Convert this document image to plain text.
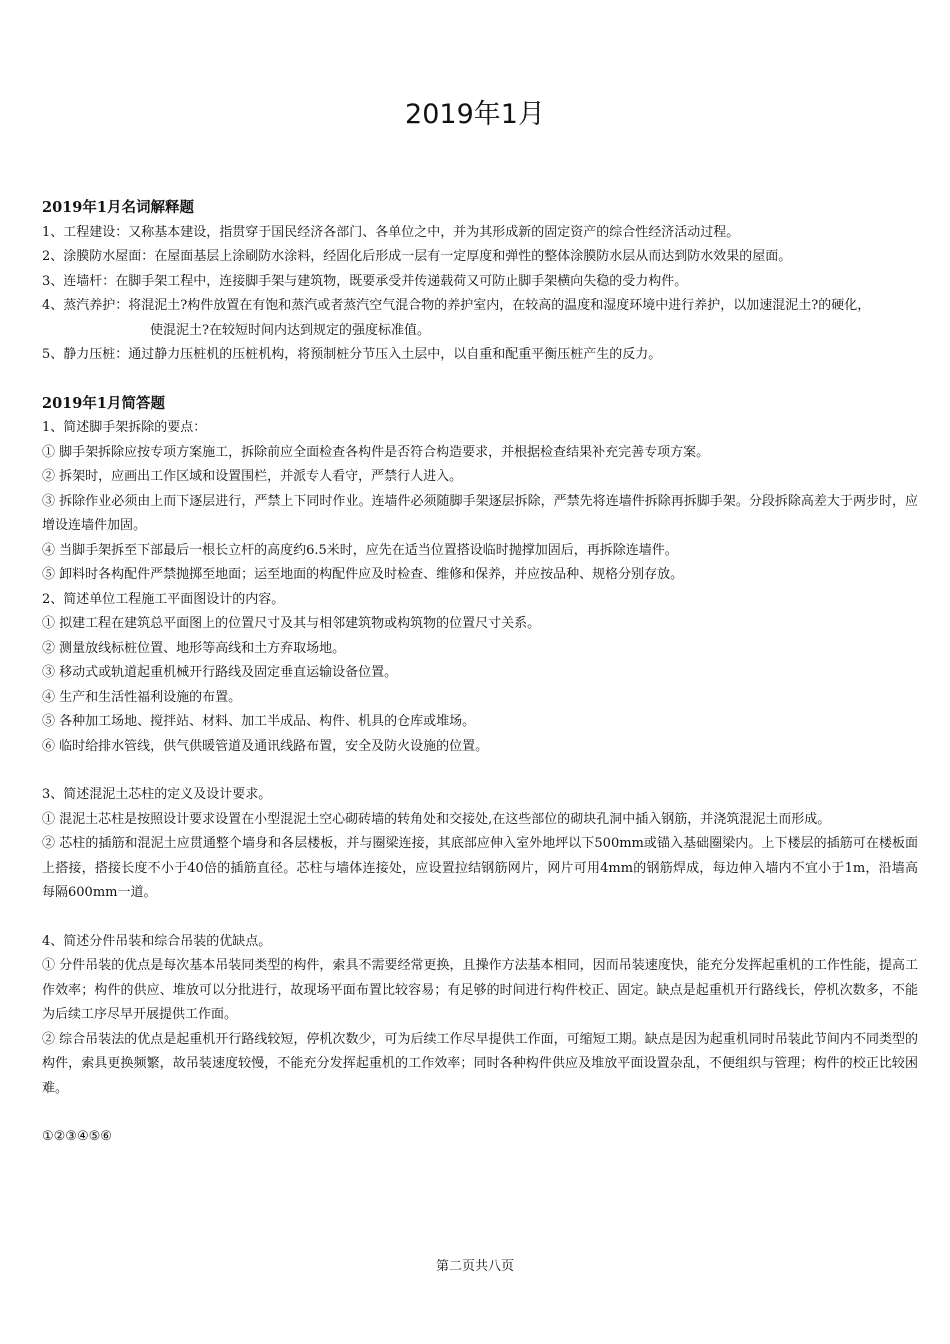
2019年1月

2019年1月名词解释题

1、工程建设：又称基本建设，指贯穿于国民经济各部门、各单位之中，并为其形成新的固定资产的综合性经济活动过程。

2、涂膜防水屋面：在屋面基层上涂刷防水涂料，经固化后形成一层有一定厚度和弹性的整体涂膜防水层从而达到防水效果的屋面。

3、连墙杆：在脚手架工程中，连接脚手架与建筑物，既要承受并传递载荷又可防止脚手架横向失稳的受力构件。

4、蒸汽养护：将混泥土?构件放置在有饱和蒸汽或者蒸汽空气混合物的养护室内，在较高的温度和湿度环境中进行养护，以加速混泥土?的硬化，

使混泥土?在较短时间内达到规定的强度标准值。

5、静力压桩：通过静力压桩机的压桩机构，将预制桩分节压入土层中，以自重和配重平衡压桩产生的反力。

2019年1月简答题

1、简述脚手架拆除的要点：

① 脚手架拆除应按专项方案施工，拆除前应全面检查各构件是否符合构造要求，并根据检查结果补充完善专项方案。

② 拆架时，应画出工作区域和设置围栏，并派专人看守，严禁行人进入。

③ 拆除作业必须由上而下逐层进行，严禁上下同时作业。连墙件必须随脚手架逐层拆除，严禁先将连墙件拆除再拆脚手架。分段拆除高差大于两步时，应增设连墙件加固。

④ 当脚手架拆至下部最后一根长立杆的高度约6.5米时，应先在适当位置搭设临时抛撑加固后，再拆除连墙件。

⑤ 卸料时各构配件严禁抛掷至地面；运至地面的构配件应及时检查、维修和保养，并应按品种、规格分别存放。

2、简述单位工程施工平面图设计的内容。

① 拟建工程在建筑总平面图上的位置尺寸及其与相邻建筑物或构筑物的位置尺寸关系。

② 测量放线标桩位置、地形等高线和土方弃取场地。

③ 移动式或轨道起重机械开行路线及固定垂直运输设备位置。

④ 生产和生活性福利设施的布置。

⑤ 各种加工场地、搅拌站、材料、加工半成品、构件、机具的仓库或堆场。

⑥ 临时给排水管线，供气供暖管道及通讯线路布置，安全及防火设施的位置。

3、简述混泥土芯柱的定义及设计要求。

① 混泥土芯柱是按照设计要求设置在小型混泥土空心砌砖墙的转角处和交接处,在这些部位的砌块孔洞中插入钢筋，并浇筑混泥土而形成。

② 芯柱的插筋和混泥土应贯通整个墙身和各层楼板，并与圈梁连接，其底部应伸入室外地坪以下500mm或锚入基础圈梁内。上下楼层的插筋可在楼板面上搭接，搭接长度不小于40倍的插筋直径。芯柱与墙体连接处，应设置拉结钢筋网片，网片可用4mm的钢筋焊成，每边伸入墙内不宜小于1m，沿墙高每隔600mm一道。

4、简述分件吊装和综合吊装的优缺点。

① 分件吊装的优点是每次基本吊装同类型的构件，索具不需要经常更换，且操作方法基本相同，因而吊装速度快，能充分发挥起重机的工作性能，提高工作效率；构件的供应、堆放可以分批进行，故现场平面布置比较容易；有足够的时间进行构件校正、固定。缺点是起重机开行路线长，停机次数多，不能为后续工序尽早开展提供工作面。

② 综合吊装法的优点是起重机开行路线较短，停机次数少，可为后续工作尽早提供工作面，可缩短工期。缺点是因为起重机同时吊装此节间内不同类型的构件，索具更换频繁，故吊装速度较慢，不能充分发挥起重机的工作效率；同时各种构件供应及堆放平面设置杂乱，不便组织与管理；构件的校正比较困难。

①②③④⑤⑥

第二页共八页
